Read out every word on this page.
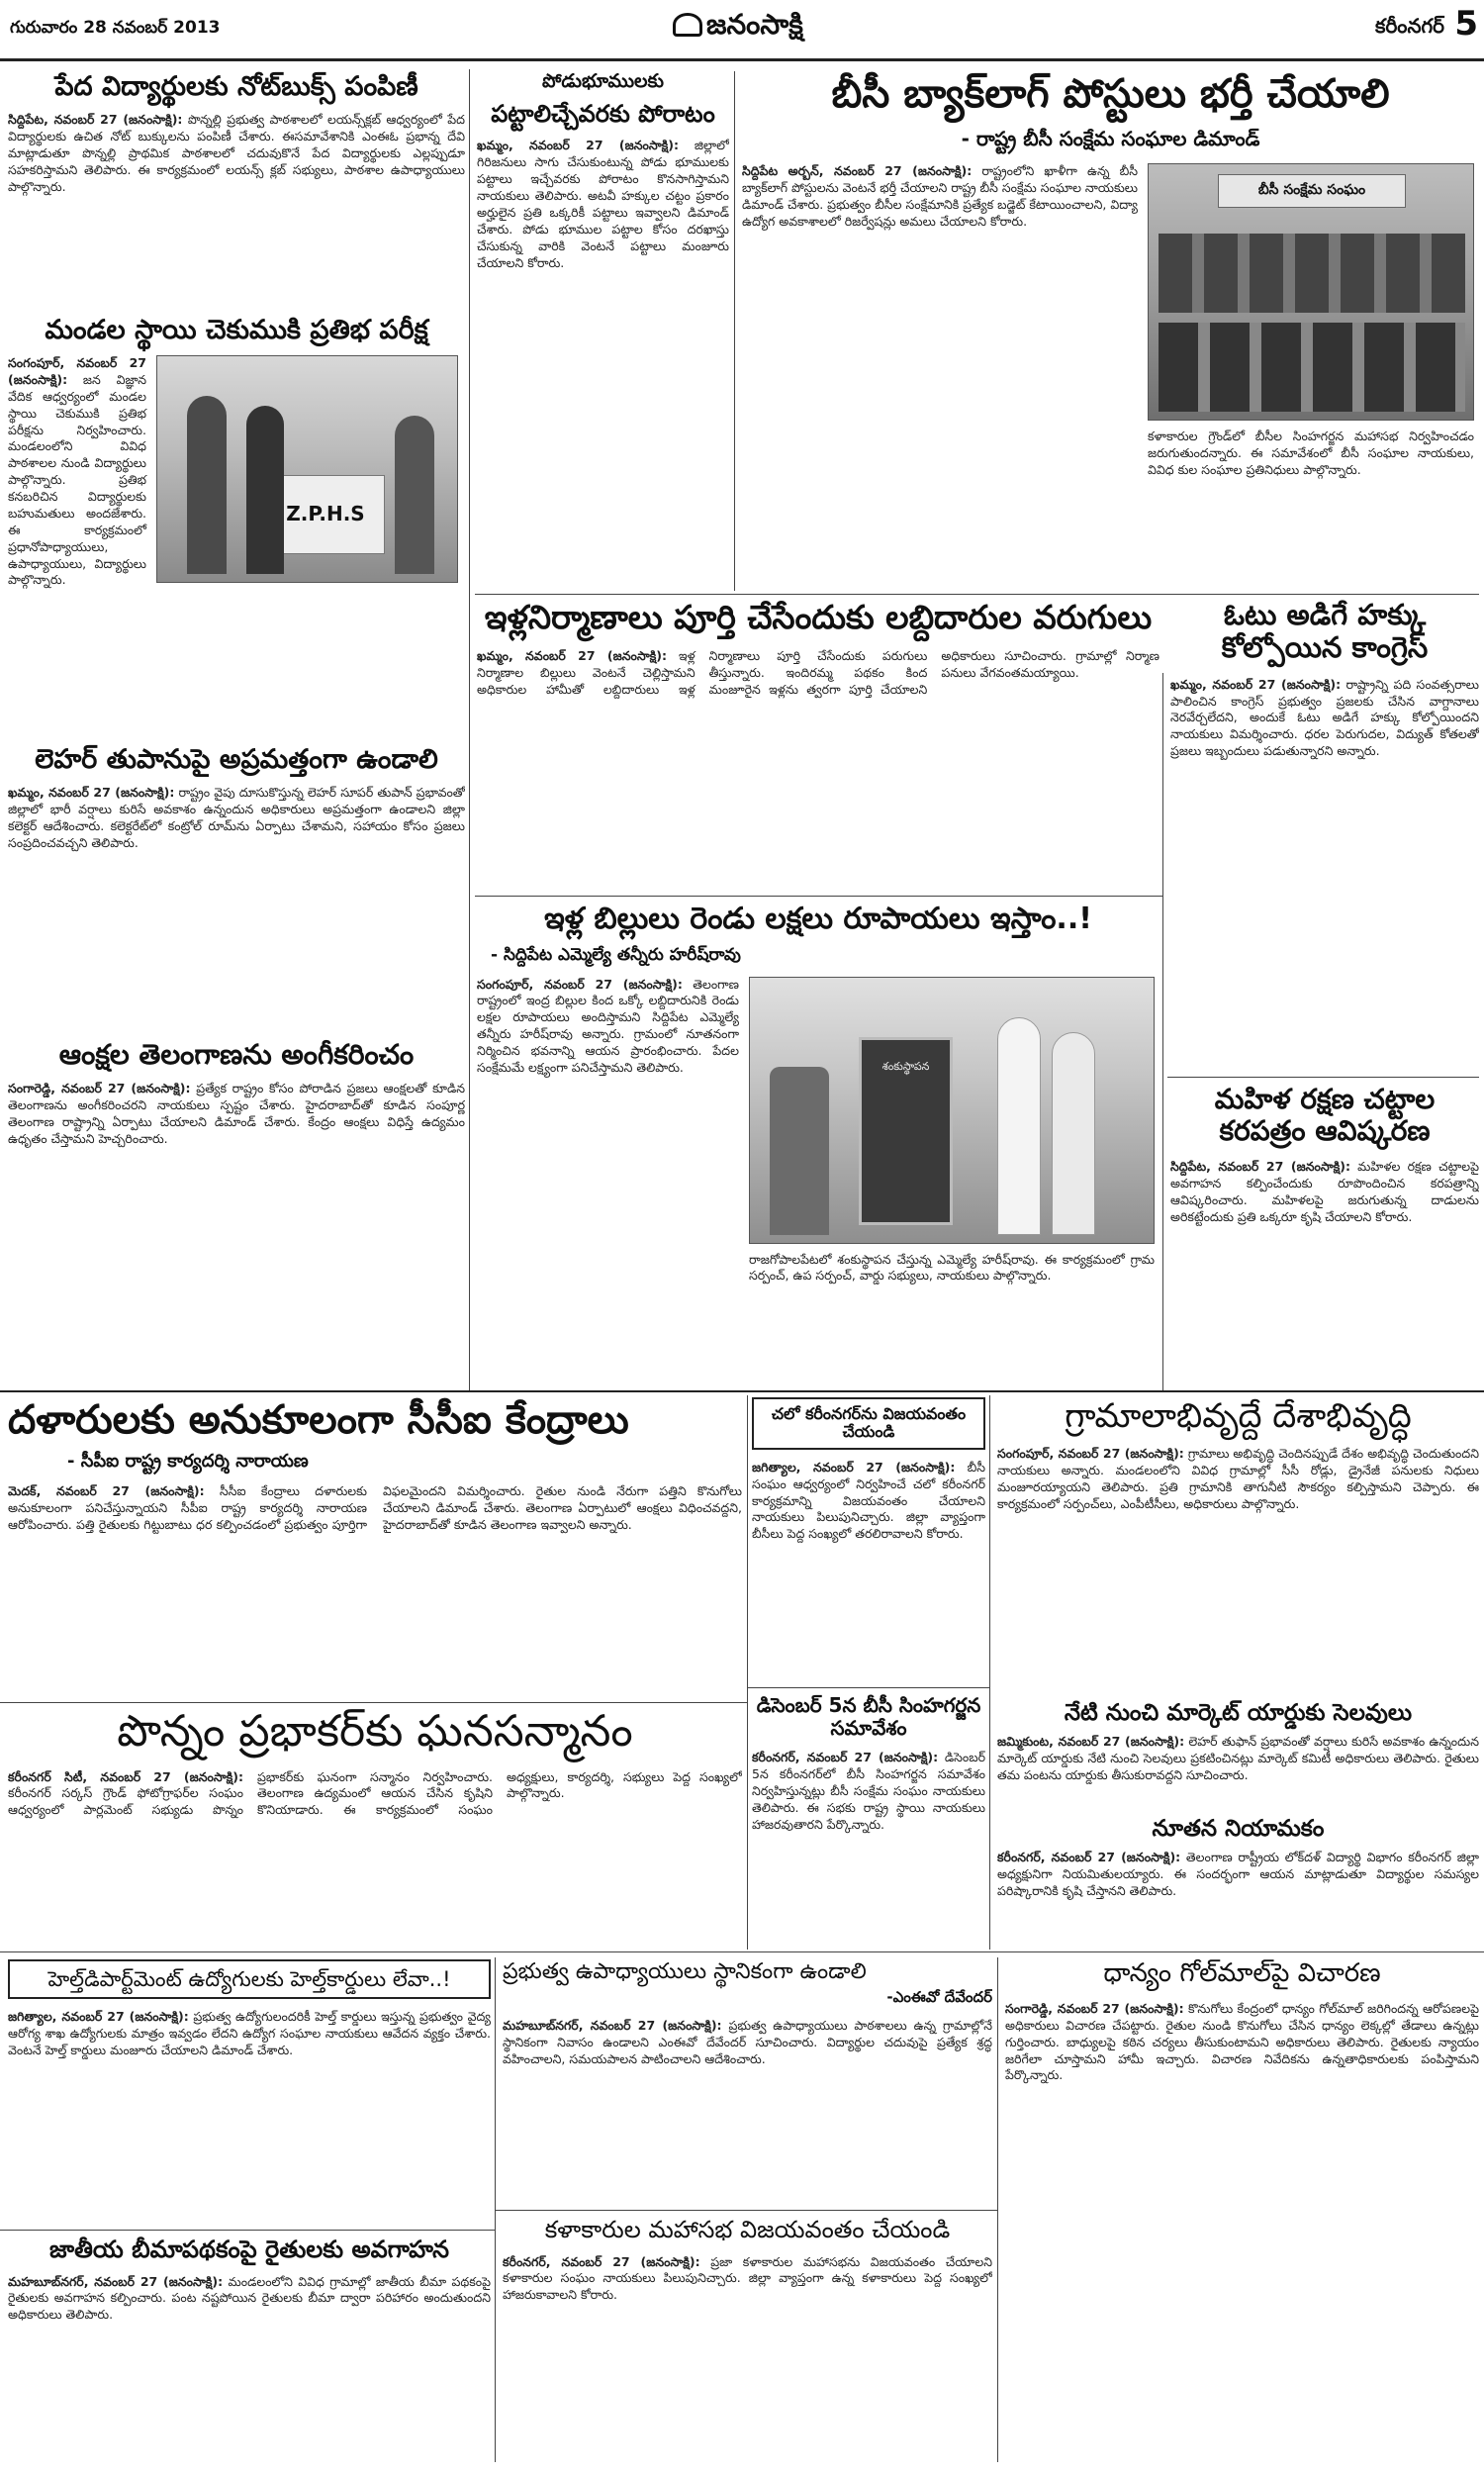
గురువారం 28 నవంబర్ 2013	జనంసాక్షి	కరీంనగర్ 5
పేద విద్యార్థులకు నోట్‌బుక్స్ పంపిణీ
సిద్దిపేట, నవంబర్ 27 (జనంసాక్షి): పొన్నల్లి ప్రభుత్వ పాఠశాలలో లయన్స్‌క్లబ్ ఆధ్వర్యంలో పేద విద్యార్థులకు ఉచిత నోట్ బుక్కులను పంపిణీ చేశారు. ఈసమావేశానికి ఎంఈఓ ప్రభాన్న దేవి మాట్లాడుతూ పొన్నల్లి ప్రాథమిక పాఠశాలలో చదువుకొనే పేద విద్యార్థులకు ఎల్లప్పుడూ సహకరిస్తామని తెలిపారు. ఈ కార్యక్రమంలో లయన్స్ క్లబ్ సభ్యులు, పాఠశాల ఉపాధ్యాయులు పాల్గొన్నారు.
మండల స్థాయి చెకుముకి ప్రతిభ పరీక్ష
Z.P.H.S
సంగంపూర్, నవంబర్ 27 (జనంసాక్షి): జన విజ్ఞాన వేదిక ఆధ్వర్యంలో మండల స్థాయి చెకుముకి ప్రతిభ పరీక్షను నిర్వహించారు. మండలంలోని వివిధ పాఠశాలల నుండి విద్యార్థులు పాల్గొన్నారు. ప్రతిభ కనబరిచిన విద్యార్థులకు బహుమతులు అందజేశారు. ఈ కార్యక్రమంలో ప్రధానోపాధ్యాయులు, ఉపాధ్యాయులు, విద్యార్థులు పాల్గొన్నారు.
లెహర్ తుపానుపై అప్రమత్తంగా ఉండాలి
ఖమ్మం, నవంబర్ 27 (జనంసాక్షి): రాష్ట్రం వైపు దూసుకొస్తున్న లెహర్ సూపర్ తుపాన్ ప్రభావంతో జిల్లాలో భారీ వర్షాలు కురిసే అవకాశం ఉన్నందున అధికారులు అప్రమత్తంగా ఉండాలని జిల్లా కలెక్టర్ ఆదేశించారు. కలెక్టరేట్‌లో కంట్రోల్ రూమ్‌ను ఏర్పాటు చేశామని, సహాయం కోసం ప్రజలు సంప్రదించవచ్చని తెలిపారు.
ఆంక్షల తెలంగాణను అంగీకరించం
సంగారెడ్డి, నవంబర్ 27 (జనంసాక్షి): ప్రత్యేక రాష్ట్రం కోసం పోరాడిన ప్రజలు ఆంక్షలతో కూడిన తెలంగాణను అంగీకరించరని నాయకులు స్పష్టం చేశారు. హైదరాబాద్‌తో కూడిన సంపూర్ణ తెలంగాణ రాష్ట్రాన్ని ఏర్పాటు చేయాలని డిమాండ్ చేశారు. కేంద్రం ఆంక్షలు విధిస్తే ఉద్యమం ఉధృతం చేస్తామని హెచ్చరించారు.
పోడుభూములకు
పట్టాలిచ్చేవరకు పోరాటం
ఖమ్మం, నవంబర్ 27 (జనంసాక్షి): జిల్లాలో గిరిజనులు సాగు చేసుకుంటున్న పోడు భూములకు పట్టాలు ఇచ్చేవరకు పోరాటం కొనసాగిస్తామని నాయకులు తెలిపారు. అటవీ హక్కుల చట్టం ప్రకారం అర్హులైన ప్రతి ఒక్కరికీ పట్టాలు ఇవ్వాలని డిమాండ్ చేశారు. పోడు భూముల పట్టాల కోసం దరఖాస్తు చేసుకున్న వారికి వెంటనే పట్టాలు మంజూరు చేయాలని కోరారు.
బీసీ బ్యాక్‌లాగ్ పోస్టులు భర్తీ చేయాలి
- రాష్ట్ర బీసీ సంక్షేమ సంఘాల డిమాండ్
సిద్దిపేట అర్బన్, నవంబర్ 27 (జనంసాక్షి): రాష్ట్రంలోని ఖాళీగా ఉన్న బీసీ బ్యాక్‌లాగ్ పోస్టులను వెంటనే భర్తీ చేయాలని రాష్ట్ర బీసీ సంక్షేమ సంఘాల నాయకులు డిమాండ్ చేశారు. ప్రభుత్వం బీసీల సంక్షేమానికి ప్రత్యేక బడ్జెట్ కేటాయించాలని, విద్యా ఉద్యోగ అవకాశాలలో రిజర్వేషన్లు అమలు చేయాలని కోరారు.
బీసీ సంక్షేమ సంఘం
కళాకారుల గ్రౌండ్‌లో బీసీల సింహగర్జన మహాసభ నిర్వహించడం జరుగుతుందన్నారు. ఈ సమావేశంలో బీసీ సంఘాల నాయకులు, వివిధ కుల సంఘాల ప్రతినిధులు పాల్గొన్నారు.
ఇళ్లనిర్మాణాలు పూర్తి చేసేందుకు లబ్దిదారుల వరుగులు
ఖమ్మం, నవంబర్ 27 (జనంసాక్షి): ఇళ్ల నిర్మాణాల బిల్లులు వెంటనే చెల్లిస్తామని అధికారుల హామీతో లబ్దిదారులు ఇళ్ల నిర్మాణాలు పూర్తి చేసేందుకు పరుగులు తీస్తున్నారు. ఇందిరమ్మ పథకం కింద మంజూరైన ఇళ్లను త్వరగా పూర్తి చేయాలని అధికారులు సూచించారు. గ్రామాల్లో నిర్మాణ పనులు వేగవంతమయ్యాయి.
ఇళ్ల బిల్లులు రెండు లక్షలు రూపాయలు ఇస్తాం..!
- సిద్దిపేట ఎమ్మెల్యే తన్నీరు హరీష్‌రావు
సంగంపూర్, నవంబర్ 27 (జనంసాక్షి): తెలంగాణ రాష్ట్రంలో ఇంద్ర బిల్లుల కింద ఒక్కో లబ్దిదారునికి రెండు లక్షల రూపాయలు అందిస్తామని సిద్దిపేట ఎమ్మెల్యే తన్నీరు హరీష్‌రావు అన్నారు. గ్రామంలో నూతనంగా నిర్మించిన భవనాన్ని ఆయన ప్రారంభించారు. పేదల సంక్షేమమే లక్ష్యంగా పనిచేస్తామని తెలిపారు.	శంకుస్థాపన
రాజగోపాలపేటలో శంకుస్థాపన చేస్తున్న ఎమ్మెల్యే హరీష్‌రావు. ఈ కార్యక్రమంలో గ్రామ సర్పంచ్, ఉప సర్పంచ్, వార్డు సభ్యులు, నాయకులు పాల్గొన్నారు.
ఓటు అడిగే హక్కు కోల్పోయిన కాంగ్రెస్
ఖమ్మం, నవంబర్ 27 (జనంసాక్షి): రాష్ట్రాన్ని పది సంవత్సరాలు పాలించిన కాంగ్రెస్ ప్రభుత్వం ప్రజలకు చేసిన వాగ్దానాలు నెరవేర్చలేదని, అందుకే ఓటు అడిగే హక్కు కోల్పోయిందని నాయకులు విమర్శించారు. ధరల పెరుగుదల, విద్యుత్ కోతలతో ప్రజలు ఇబ్బందులు పడుతున్నారని అన్నారు.
మహిళ రక్షణ చట్టాల కరపత్రం ఆవిష్కరణ
సిద్దిపేట, నవంబర్ 27 (జనంసాక్షి): మహిళల రక్షణ చట్టాలపై అవగాహన కల్పించేందుకు రూపొందించిన కరపత్రాన్ని ఆవిష్కరించారు. మహిళలపై జరుగుతున్న దాడులను అరికట్టేందుకు ప్రతి ఒక్కరూ కృషి చేయాలని కోరారు.
దళారులకు అనుకూలంగా సీసీఐ కేంద్రాలు
- సీపీఐ రాష్ట్ర కార్యదర్శి నారాయణ
మెదక్, నవంబర్ 27 (జనంసాక్షి): సీసీఐ కేంద్రాలు దళారులకు అనుకూలంగా పనిచేస్తున్నాయని సీపీఐ రాష్ట్ర కార్యదర్శి నారాయణ ఆరోపించారు. పత్తి రైతులకు గిట్టుబాటు ధర కల్పించడంలో ప్రభుత్వం పూర్తిగా విఫలమైందని విమర్శించారు. రైతుల నుండి నేరుగా పత్తిని కొనుగోలు చేయాలని డిమాండ్ చేశారు. తెలంగాణ ఏర్పాటులో ఆంక్షలు విధించవద్దని, హైదరాబాద్‌తో కూడిన తెలంగాణ ఇవ్వాలని అన్నారు.
పొన్నం ప్రభాకర్‌కు ఘనసన్మానం
కరీంనగర్ సిటీ, నవంబర్ 27 (జనంసాక్షి): కరీంనగర్ సర్కస్ గ్రౌండ్ ఫోటోగ్రాఫర్‌ల సంఘం ఆధ్వర్యంలో పార్లమెంట్ సభ్యుడు పొన్నం ప్రభాకర్‌కు ఘనంగా సన్మానం నిర్వహించారు. తెలంగాణ ఉద్యమంలో ఆయన చేసిన కృషిని కొనియాడారు. ఈ కార్యక్రమంలో సంఘం అధ్యక్షులు, కార్యదర్శి, సభ్యులు పెద్ద సంఖ్యలో పాల్గొన్నారు.
చలో కరీంనగర్‌ను విజయవంతం చేయండి
జగిత్యాల, నవంబర్ 27 (జనంసాక్షి): బీసీ సంఘం ఆధ్వర్యంలో నిర్వహించే చలో కరీంనగర్ కార్యక్రమాన్ని విజయవంతం చేయాలని నాయకులు పిలుపునిచ్చారు. జిల్లా వ్యాప్తంగా బీసీలు పెద్ద సంఖ్యలో తరలిరావాలని కోరారు.
డిసెంబర్ 5న బీసీ సింహగర్జన సమావేశం
కరీంనగర్, నవంబర్ 27 (జనంసాక్షి): డిసెంబర్ 5న కరీంనగర్‌లో బీసీ సింహగర్జన సమావేశం నిర్వహిస్తున్నట్లు బీసీ సంక్షేమ సంఘం నాయకులు తెలిపారు. ఈ సభకు రాష్ట్ర స్థాయి నాయకులు హాజరవుతారని పేర్కొన్నారు.
గ్రామాలాభివృద్దే దేశాభివృద్ధి
సంగంపూర్, నవంబర్ 27 (జనంసాక్షి): గ్రామాలు అభివృద్ధి చెందినప్పుడే దేశం అభివృద్ధి చెందుతుందని నాయకులు అన్నారు. మండలంలోని వివిధ గ్రామాల్లో సీసీ రోడ్లు, డ్రైనేజీ పనులకు నిధులు మంజూరయ్యాయని తెలిపారు. ప్రతి గ్రామానికి తాగునీటి సౌకర్యం కల్పిస్తామని చెప్పారు. ఈ కార్యక్రమంలో సర్పంచ్‌లు, ఎంపీటీసీలు, అధికారులు పాల్గొన్నారు.
నేటి నుంచి మార్కెట్ యార్డుకు సెలవులు
జమ్మికుంట, నవంబర్ 27 (జనంసాక్షి): లెహర్ తుఫాన్ ప్రభావంతో వర్షాలు కురిసే అవకాశం ఉన్నందున మార్కెట్ యార్డుకు నేటి నుంచి సెలవులు ప్రకటించినట్లు మార్కెట్ కమిటీ అధికారులు తెలిపారు. రైతులు తమ పంటను యార్డుకు తీసుకురావద్దని సూచించారు.
నూతన నియామకం
కరీంనగర్, నవంబర్ 27 (జనంసాక్షి): తెలంగాణ రాష్ట్రీయ లోక్‌దళ్ విద్యార్థి విభాగం కరీంనగర్ జిల్లా అధ్యక్షునిగా నియమితులయ్యారు. ఈ సందర్భంగా ఆయన మాట్లాడుతూ విద్యార్థుల సమస్యల పరిష్కారానికి కృషి చేస్తానని తెలిపారు.
హెల్త్‌డిపార్ట్‌మెంట్ ఉద్యోగులకు హెల్త్‌కార్డులు లేవా..!
జగిత్యాల, నవంబర్ 27 (జనంసాక్షి): ప్రభుత్వ ఉద్యోగులందరికీ హెల్త్ కార్డులు ఇస్తున్న ప్రభుత్వం వైద్య ఆరోగ్య శాఖ ఉద్యోగులకు మాత్రం ఇవ్వడం లేదని ఉద్యోగ సంఘాల నాయకులు ఆవేదన వ్యక్తం చేశారు. వెంటనే హెల్త్ కార్డులు మంజూరు చేయాలని డిమాండ్ చేశారు.
జాతీయ బీమాపథకంపై రైతులకు అవగాహన
మహబూబ్‌నగర్, నవంబర్ 27 (జనంసాక్షి): మండలంలోని వివిధ గ్రామాల్లో జాతీయ బీమా పథకంపై రైతులకు అవగాహన కల్పించారు. పంట నష్టపోయిన రైతులకు బీమా ద్వారా పరిహారం అందుతుందని అధికారులు తెలిపారు.
ప్రభుత్వ ఉపాధ్యాయులు స్థానికంగా ఉండాలి
-ఎంఈవో దేవేందర్
మహబూబ్‌నగర్, నవంబర్ 27 (జనంసాక్షి): ప్రభుత్వ ఉపాధ్యాయులు పాఠశాలలు ఉన్న గ్రామాల్లోనే స్థానికంగా నివాసం ఉండాలని ఎంఈవో దేవేందర్ సూచించారు. విద్యార్థుల చదువుపై ప్రత్యేక శ్రద్ధ వహించాలని, సమయపాలన పాటించాలని ఆదేశించారు.
కళాకారుల మహాసభ విజయవంతం చేయండి
కరీంనగర్, నవంబర్ 27 (జనంసాక్షి): ప్రజా కళాకారుల మహాసభను విజయవంతం చేయాలని కళాకారుల సంఘం నాయకులు పిలుపునిచ్చారు. జిల్లా వ్యాప్తంగా ఉన్న కళాకారులు పెద్ద సంఖ్యలో హాజరుకావాలని కోరారు.
ధాన్యం గోల్‌మాల్‌పై విచారణ
సంగారెడ్డి, నవంబర్ 27 (జనంసాక్షి): కొనుగోలు కేంద్రంలో ధాన్యం గోల్‌మాల్ జరిగిందన్న ఆరోపణలపై అధికారులు విచారణ చేపట్టారు. రైతుల నుండి కొనుగోలు చేసిన ధాన్యం లెక్కల్లో తేడాలు ఉన్నట్లు గుర్తించారు. బాధ్యులపై కఠిన చర్యలు తీసుకుంటామని అధికారులు తెలిపారు. రైతులకు న్యాయం జరిగేలా చూస్తామని హామీ ఇచ్చారు. విచారణ నివేదికను ఉన్నతాధికారులకు పంపిస్తామని పేర్కొన్నారు.
